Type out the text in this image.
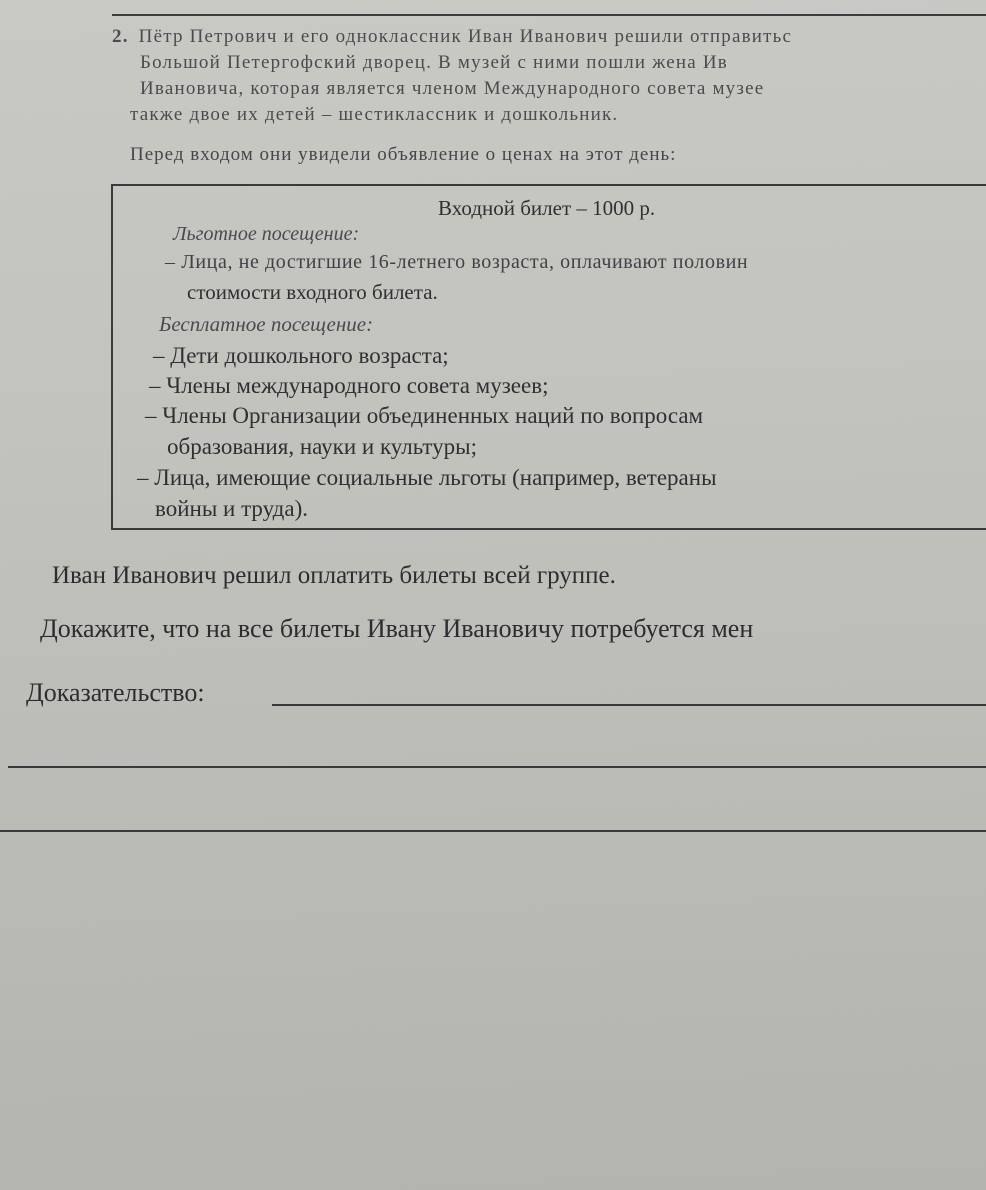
2. Пётр Петрович и его одноклассник Иван Иванович решили отправитьс
Большой Петергофский дворец. В музей с ними пошли жена Ив
Ивановича, которая является членом Международного совета музее
также двое их детей – шестиклассник и дошкольник.
Перед входом они увидели объявление о ценах на этот день:
Входной билет – 1000 р.
Льготное посещение:
– Лица, не достигшие 16-летнего возраста, оплачивают половин
стоимости входного билета.
Бесплатное посещение:
– Дети дошкольного возраста;
– Члены международного совета музеев;
– Члены Организации объединенных наций по вопросам
образования, науки и культуры;
– Лица, имеющие социальные льготы (например, ветераны
войны и труда).
Иван Иванович решил оплатить билеты всей группе.
Докажите, что на все билеты Ивану Ивановичу потребуется мен
Доказательство:
